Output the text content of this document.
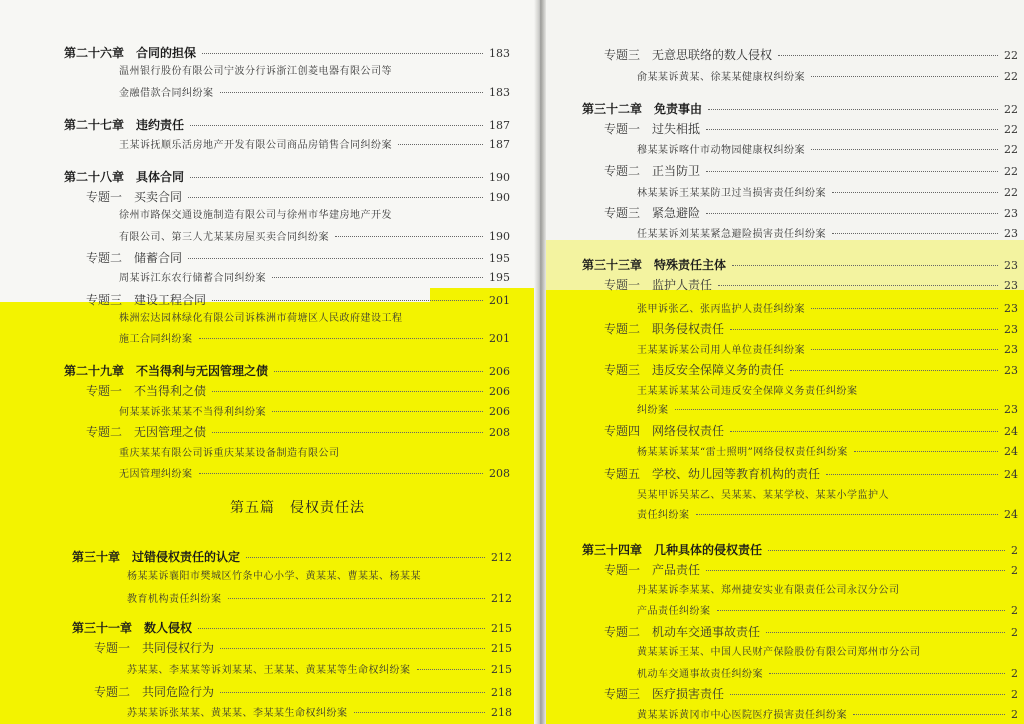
第二十六章　合同的担保	183
温州银行股份有限公司宁波分行诉浙江创菱电器有限公司等
金融借款合同纠纷案	183
第二十七章　违约责任	187
王某诉抚顺乐活房地产开发有限公司商品房销售合同纠纷案	187
第二十八章　具体合同	190
专题一　买卖合同	190
徐州市路保交通设施制造有限公司与徐州市华建房地产开发
有限公司、第三人尤某某房屋买卖合同纠纷案	190
专题二　储蓄合同	195
周某诉江东农行储蓄合同纠纷案	195
专题三　建设工程合同	201
株洲宏达园林绿化有限公司诉株洲市荷塘区人民政府建设工程
施工合同纠纷案	201
第二十九章　不当得利与无因管理之债	206
专题一　不当得利之债	206
何某某诉张某某不当得利纠纷案	206
专题二　无因管理之债	208
重庆某某有限公司诉重庆某某设备制造有限公司
无因管理纠纷案	208
第三十章　过错侵权责任的认定	212
杨某某诉襄阳市樊城区竹条中心小学、黄某某、曹某某、杨某某
教育机构责任纠纷案	212
第三十一章　数人侵权	215
专题一　共同侵权行为	215
苏某某、李某某等诉刘某某、王某某、黄某某等生命权纠纷案	215
专题二　共同危险行为	218
苏某某诉张某某、黄某某、李某某生命权纠纷案	218
第五篇　侵权责任法
专题三　无意思联络的数人侵权	22
俞某某诉黄某、徐某某健康权纠纷案	22
第三十二章　免责事由	22
专题一　过失相抵	22
穆某某诉喀什市动物园健康权纠纷案	22
专题二　正当防卫	22
林某某诉王某某防卫过当损害责任纠纷案	22
专题三　紧急避险	23
任某某诉刘某某紧急避险损害责任纠纷案	23
第三十三章　特殊责任主体	23
专题一　监护人责任	23
张甲诉张乙、张丙监护人责任纠纷案	23
专题二　职务侵权责任	23
王某某诉某公司用人单位责任纠纷案	23
专题三　违反安全保障义务的责任	23
王某某诉某某公司违反安全保障义务责任纠纷案
纠纷案	23
专题四　网络侵权责任	24
杨某某诉某某“雷士照明”网络侵权责任纠纷案	24
专题五　学校、幼儿园等教育机构的责任	24
吴某甲诉吴某乙、吴某某、某某学校、某某小学监护人
责任纠纷案	24
第三十四章　几种具体的侵权责任	2
专题一　产品责任	2
丹某某诉李某某、郑州捷安实业有限责任公司永汉分公司
产品责任纠纷案	2
专题二　机动车交通事故责任	2
黄某某诉王某、中国人民财产保险股份有限公司郑州市分公司
机动车交通事故责任纠纷案	2
专题三　医疗损害责任	2
黄某某诉黄冈市中心医院医疗损害责任纠纷案	2
